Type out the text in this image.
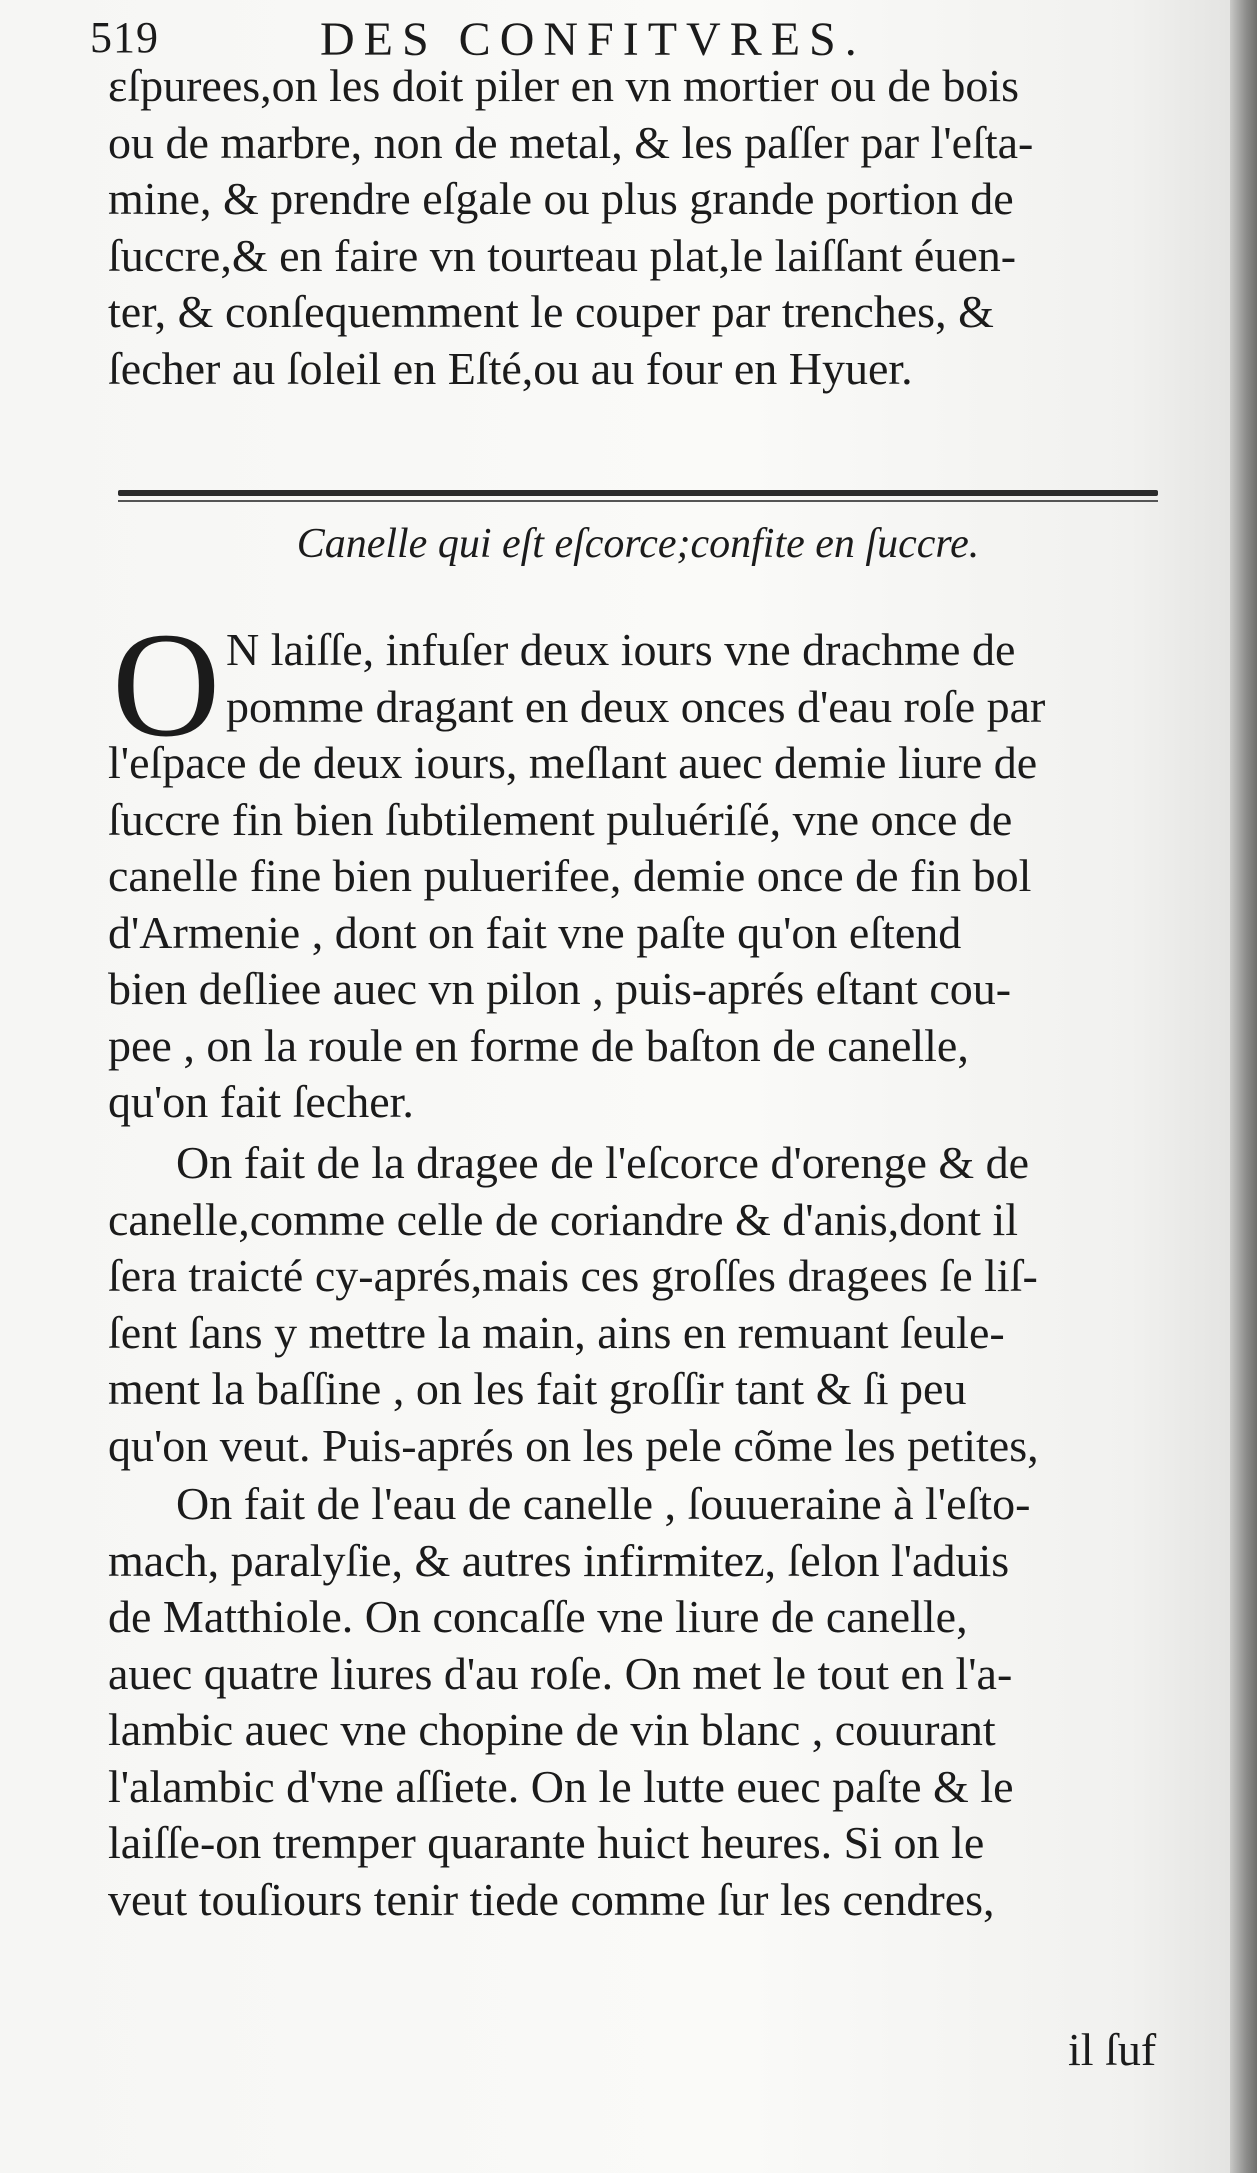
519	DES CONFITVRES.
ɛſpurees,on les doit piler en vn mortier ou de bois
ou de marbre, non de metal, & les paſſer par l'eſta-
mine, & prendre eſgale ou plus grande portion de
ſuccre,& en faire vn tourteau plat,le laiſſant éuen-
ter, & conſequemment le couper par trenches, &
ſecher au ſoleil en Eſté,ou au four en Hyuer.
Canelle qui eſt eſcorce;confite en ſuccre.
O N laiſſe, infuſer deux iours vne drachme de
pomme dragant en deux onces d'eau roſe par
l'eſpace de deux iours, meſlant auec demie liure de
ſuccre fin bien ſubtilement puluériſé, vne once de
canelle fine bien puluerifee, demie once de fin bol
d'Armenie , dont on fait vne paſte qu'on eſtend
bien deſliee auec vn pilon , puis-aprés eſtant cou-
pee , on la roule en forme de baſton de canelle,
qu'on fait ſecher.
On fait de la dragee de l'eſcorce d'orenge & de
canelle,comme celle de coriandre & d'anis,dont il
ſera traicté cy-aprés,mais ces groſſes dragees ſe liſ-
ſent ſans y mettre la main, ains en remuant ſeule-
ment la baſſine , on les fait groſſir tant & ſi peu
qu'on veut. Puis-aprés on les pele cõme les petites,
On fait de l'eau de canelle , ſouueraine à l'eſto-
mach, paralyſie, & autres infirmitez, ſelon l'aduis
de Matthiole. On concaſſe vne liure de canelle,
auec quatre liures d'au roſe. On met le tout en l'a-
lambic auec vne chopine de vin blanc , couurant
l'alambic d'vne aſſiete. On le lutte euec paſte & le
laiſſe-on tremper quarante huict heures. Si on le
veut touſiours tenir tiede comme ſur les cendres,
il ſuf
